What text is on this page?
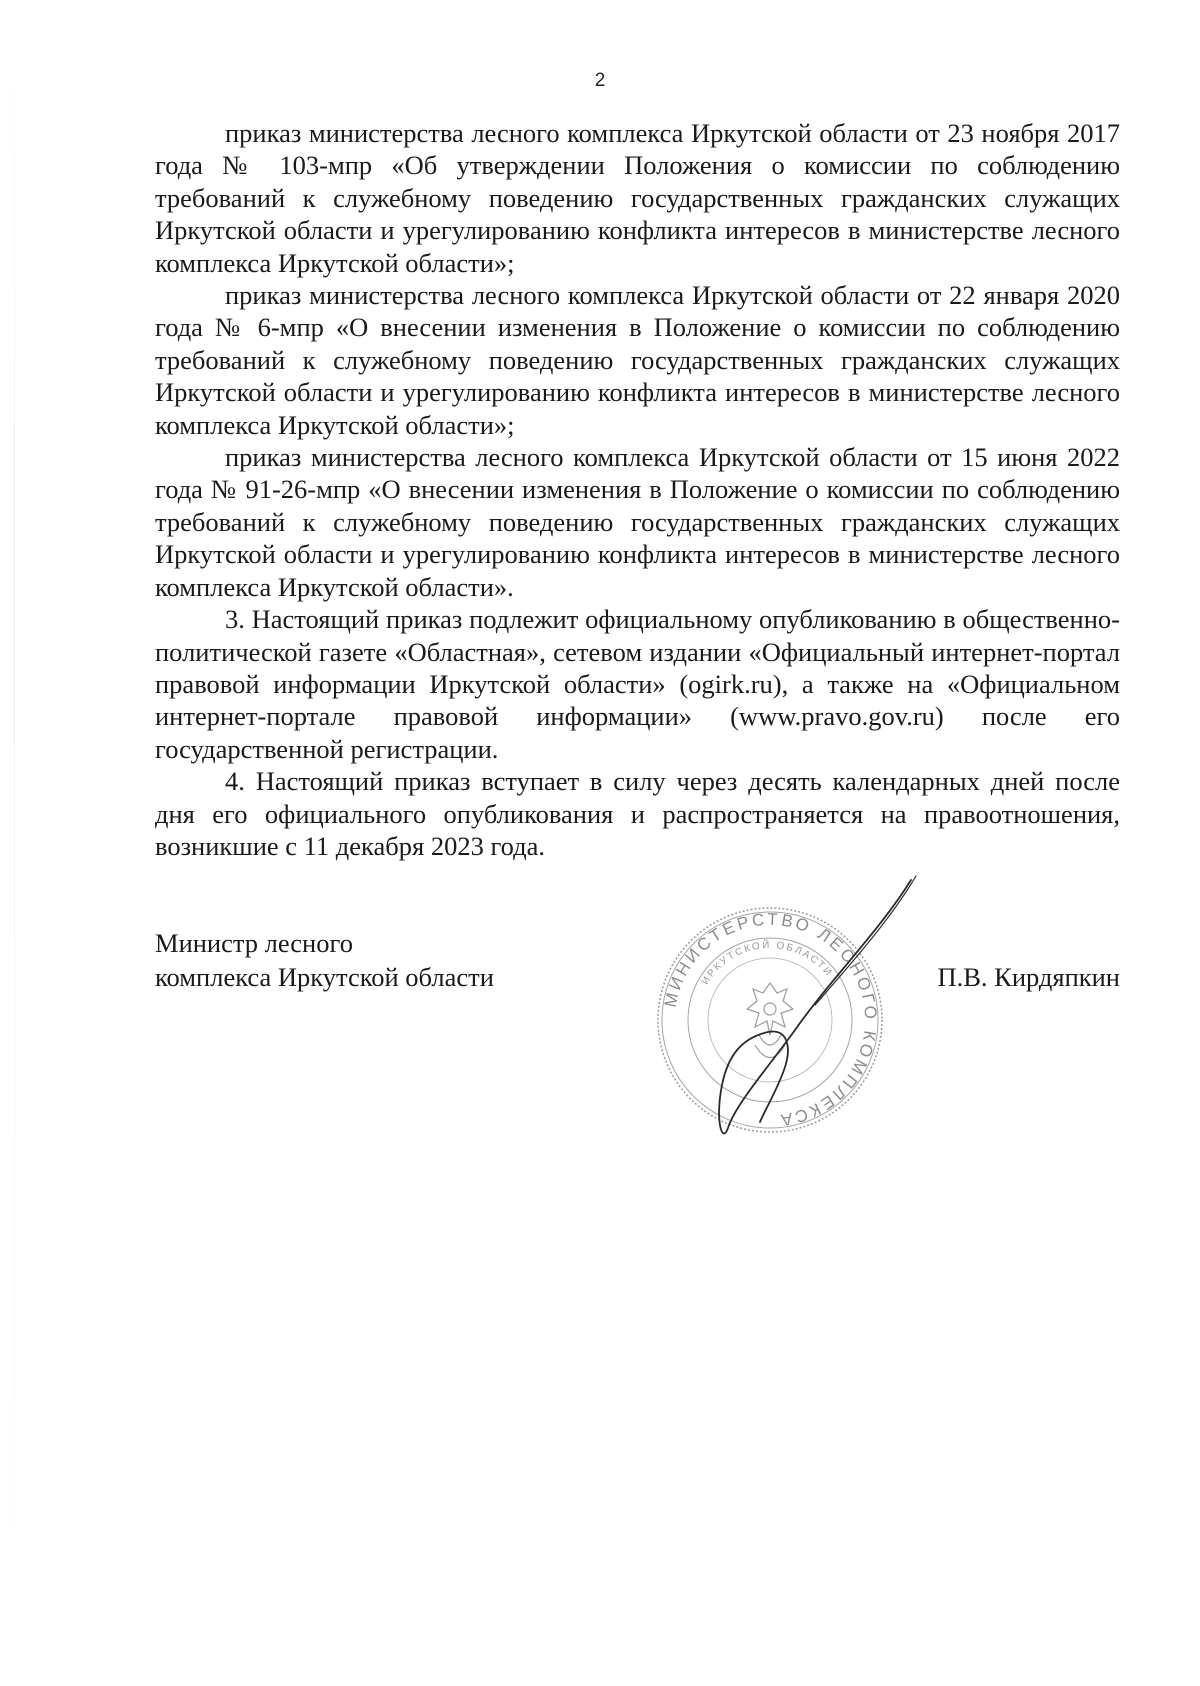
2

приказ министерства лесного комплекса Иркутской области от 23 ноября 2017 года № 103-мпр «Об утверждении Положения о комиссии по соблюдению требований к служебному поведению государственных гражданских служащих Иркутской области и урегулированию конфликта интересов в министерстве лесного комплекса Иркутской области»;

приказ министерства лесного комплекса Иркутской области от 22 января 2020 года № 6-мпр «О внесении изменения в Положение о комиссии по соблюдению требований к служебному поведению государственных гражданских служащих Иркутской области и урегулированию конфликта интересов в министерстве лесного комплекса Иркутской области»;

приказ министерства лесного комплекса Иркутской области от 15 июня 2022 года № 91-26-мпр «О внесении изменения в Положение о комиссии по соблюдению требований к служебному поведению государственных гражданских служащих Иркутской области и урегулированию конфликта интересов в министерстве лесного комплекса Иркутской области».

3. Настоящий приказ подлежит официальному опубликованию в общественно-политической газете «Областная», сетевом издании «Официальный интернет-портал правовой информации Иркутской области» (ogirk.ru), а также на «Официальном интернет-портале правовой информации» (www.pravo.gov.ru) после его государственной регистрации.

4. Настоящий приказ вступает в силу через десять календарных дней после дня его официального опубликования и распространяется на правоотношения, возникшие с 11 декабря 2023 года.

Министр лесного
комплекса Иркутской области	П.В. Кирдяпкин
МИНИСТЕРСТВО ЛЕСНОГО КОМПЛЕКСА
ИРКУТСКОЙ ОБЛАСТИ
